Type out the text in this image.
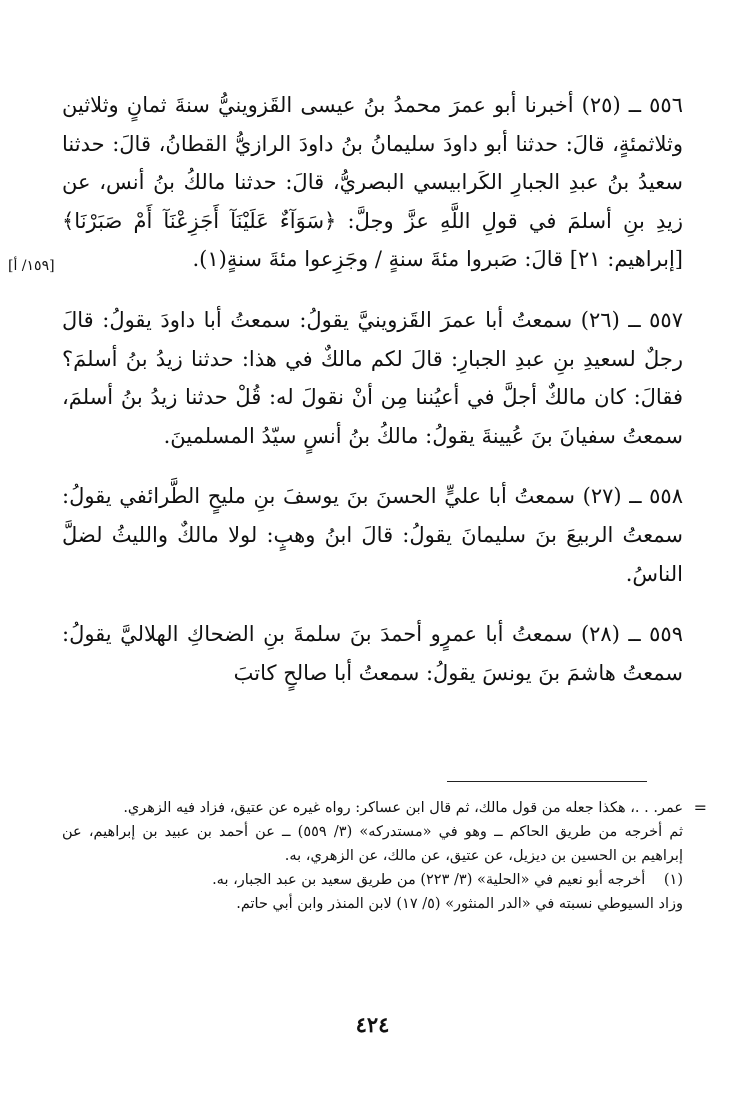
٥٥٦ ــ (٢٥) أخبرنا أبو عمرَ محمدُ بنُ عيسى القَزوينيُّ سنةَ ثمانٍ وثلاثين وثلاثمئةٍ، قالَ: حدثنا أبو داودَ سليمانُ بنُ داودَ الرازيُّ القطانُ، قالَ: حدثنا سعيدُ بنُ عبدِ الجبارِ الكَرابيسي البصريُّ، قالَ: حدثنا مالكُ بنُ أنس، عن زيدِ بنِ أسلمَ في قولِ اللَّهِ عزَّ وجلَّ: ﴿سَوَآءٌ عَلَيْنَآ أَجَزِعْنَآ أَمْ صَبَرْنَا﴾ [إبراهيم: ٢١] قالَ: صَبروا مئةَ سنةٍ / وجَزِعوا مئةَ سنةٍ(١).

٥٥٧ ــ (٢٦) سمعتُ أبا عمرَ القَزوينيَّ يقولُ: سمعتُ أبا داودَ يقولُ: قالَ رجلٌ لسعيدِ بنِ عبدِ الجبارِ: قالَ لكم مالكٌ في هذا: حدثنا زيدُ بنُ أسلمَ؟ فقالَ: كان مالكٌ أجلَّ في أعيُننا مِن أنْ نقولَ له: قُلْ حدثنا زيدُ بنُ أسلمَ، سمعتُ سفيانَ بنَ عُيينةَ يقولُ: مالكُ بنُ أنسٍ سيّدُ المسلمينَ.

٥٥٨ ــ (٢٧) سمعتُ أبا عليٍّ الحسنَ بنَ يوسفَ بنِ مليحٍ الطَّرائفي يقولُ: سمعتُ الربيعَ بنَ سليمانَ يقولُ: قالَ ابنُ وهبٍ: لولا مالكٌ والليثُ لضلَّ الناسُ.

٥٥٩ ــ (٢٨) سمعتُ أبا عمرٍو أحمدَ بنَ سلمةَ بنِ الضحاكِ الهلاليَّ يقولُ: سمعتُ هاشمَ بنَ يونسَ يقولُ: سمعتُ أبا صالحٍ كاتبَ

[١٥٩/ أ]

=
عمر. . .، هكذا جعله من قول مالك، ثم قال ابن عساكر: رواه غيره عن عتيق، فزاد فيه الزهري.

ثم أخرجه من طريق الحاكم ــ وهو في «مستدركه» (٣/ ٥٥٩) ــ عن أحمد بن عبيد بن إبراهيم، عن إبراهيم بن الحسين بن ديزيل، عن عتيق، عن مالك، عن الزهري، به.

(١) أخرجه أبو نعيم في «الحلية» (٣/ ٢٢٣) من طريق سعيد بن عبد الجبار، به.

وزاد السيوطي نسبته في «الدر المنثور» (٥/ ١٧) لابن المنذر وابن أبي حاتم.

٤٢٤
